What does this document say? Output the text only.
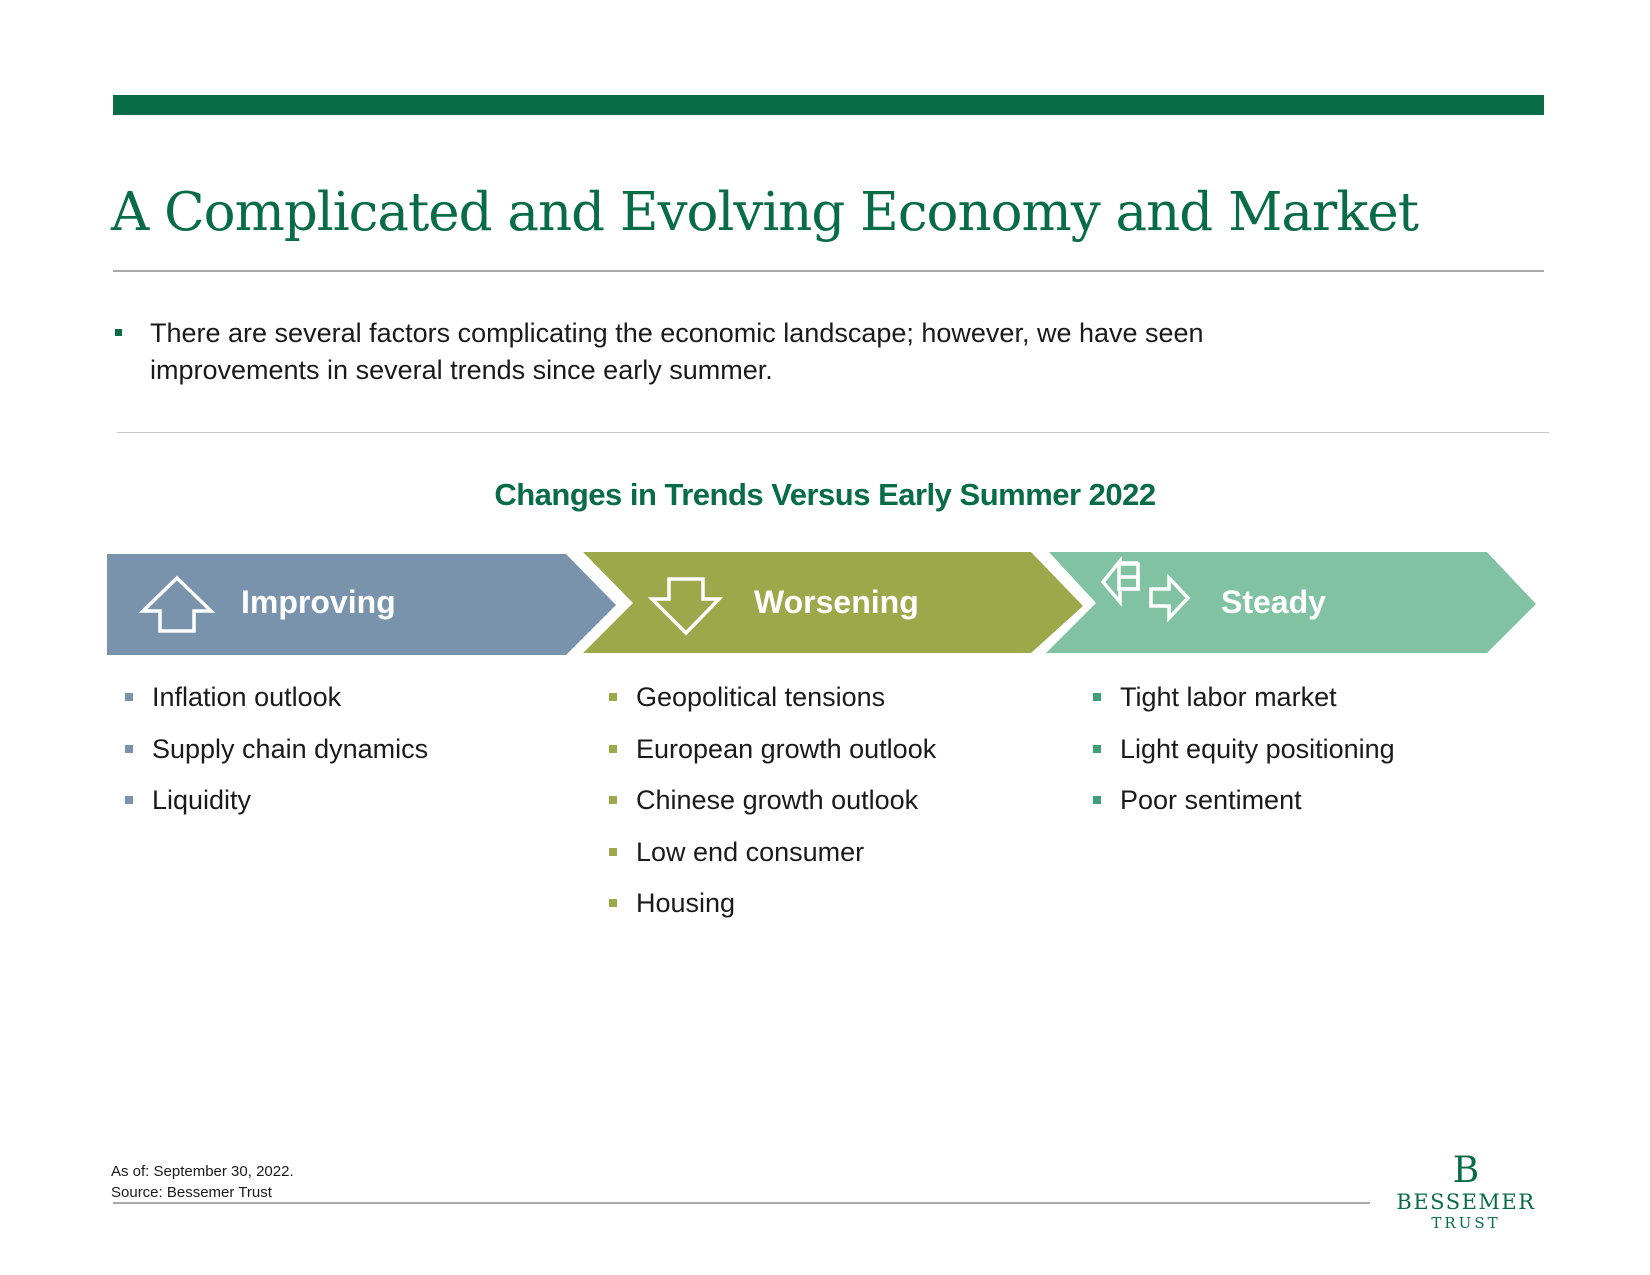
A Complicated and Evolving Economy and Market

There are several factors complicating the economic landscape; however, we have seen
improvements in several trends since early summer.

Changes in Trends Versus Early Summer 2022
Improving	Worsening	Steady
Inflation outlook
Supply chain dynamics
Liquidity
Geopolitical tensions
European growth outlook
Chinese growth outlook
Low end consumer
Housing
Tight labor market
Light equity positioning
Poor sentiment
As of: September 30, 2022.
Source: Bessemer Trust
B
BESSEMER
TRUST
